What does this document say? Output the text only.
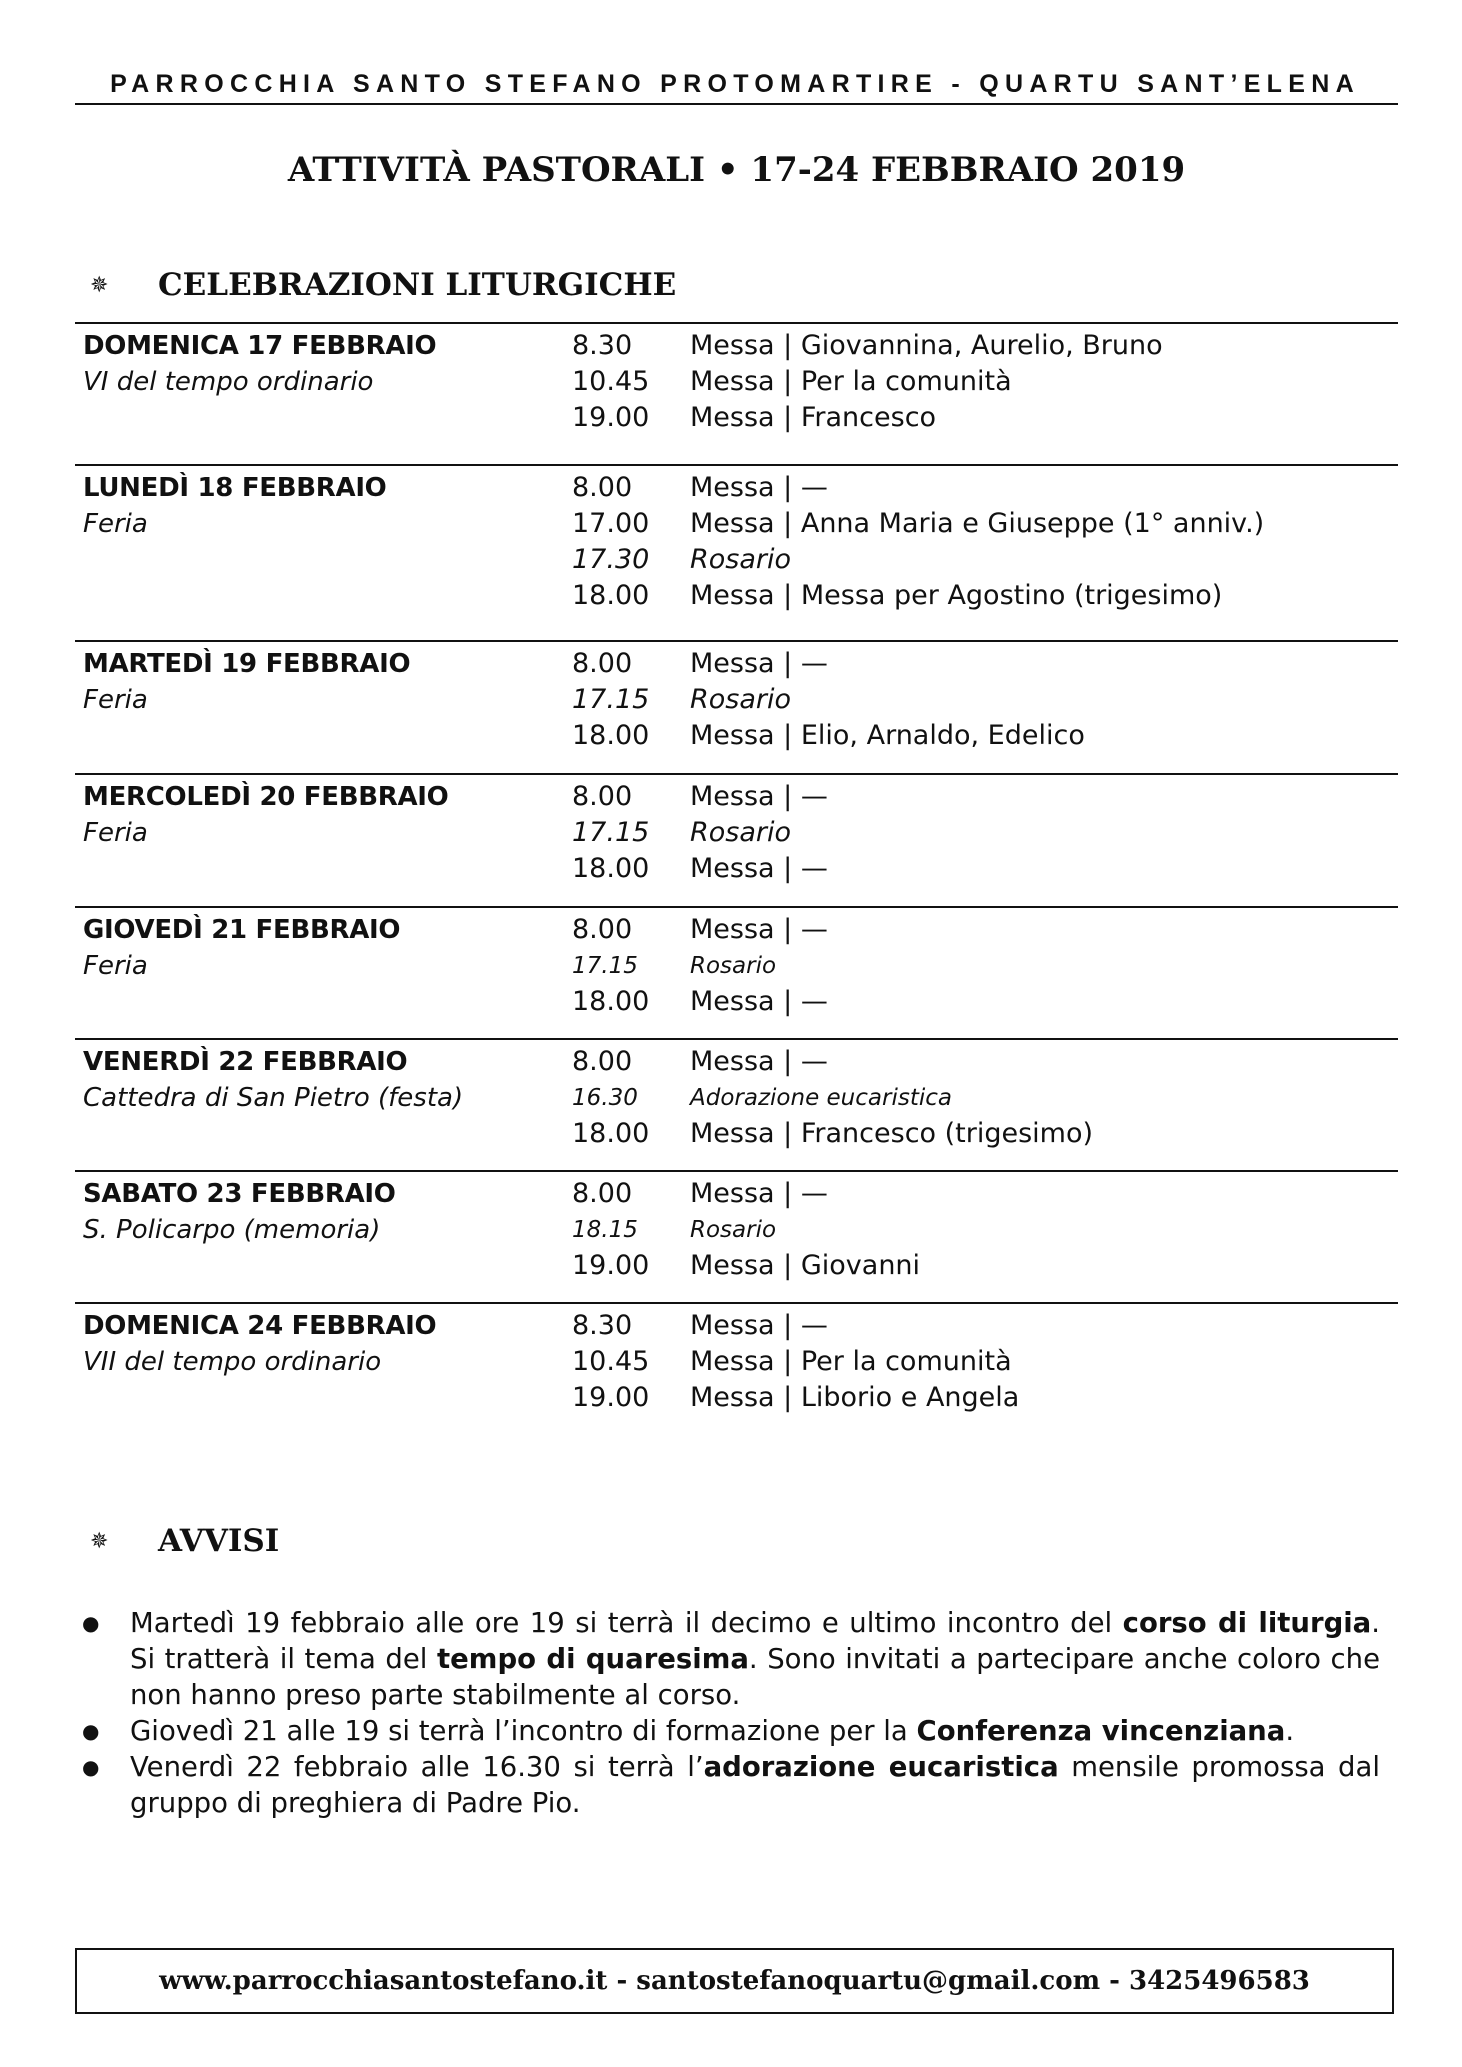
PARROCCHIA SANTO STEFANO PROTOMARTIRE - QUARTU SANT’ELENA
ATTIVITÀ PASTORALI • 17-24 FEBBRAIO 2019
✵ CELEBRAZIONI LITURGICHE
DOMENICA 17 FEBBRAIO
VI del tempo ordinario
8.30 Messa | Giovannina, Aurelio, Bruno
10.45 Messa | Per la comunità
19.00 Messa | Francesco
LUNEDÌ 18 FEBBRAIO
Feria
8.00 Messa | —
17.00 Messa | Anna Maria e Giuseppe (1° anniv.)
17.30 Rosario
18.00 Messa | Messa per Agostino (trigesimo)
MARTEDÌ 19 FEBBRAIO
Feria
8.00 Messa | —
17.15 Rosario
18.00 Messa | Elio, Arnaldo, Edelico
MERCOLEDÌ 20 FEBBRAIO
Feria
8.00 Messa | —
17.15 Rosario
18.00 Messa | —
GIOVEDÌ 21 FEBBRAIO
Feria
8.00 Messa | —
17.15 Rosario
18.00 Messa | —
VENERDÌ 22 FEBBRAIO
Cattedra di San Pietro (festa)
8.00 Messa | —
16.30 Adorazione eucaristica
18.00 Messa | Francesco (trigesimo)
SABATO 23 FEBBRAIO
S. Policarpo (memoria)
8.00 Messa | —
18.15 Rosario
19.00 Messa | Giovanni
DOMENICA 24 FEBBRAIO
VII del tempo ordinario
8.30 Messa | —
10.45 Messa | Per la comunità
19.00 Messa | Liborio e Angela
✵ AVVISI
● Martedì 19 febbraio alle ore 19 si terrà il decimo e ultimo incontro del corso di liturgia. Si tratterà il tema del tempo di quaresima. Sono invitati a partecipare anche coloro che non hanno preso parte stabilmente al corso.
● Giovedì 21 alle 19 si terrà l’incontro di formazione per la Conferenza vincenziana.
● Venerdì 22 febbraio alle 16.30 si terrà l’adorazione eucaristica mensile promossa dal gruppo di preghiera di Padre Pio.
www.parrocchiasantostefano.it - santostefanoquartu@gmail.com - 3425496583
